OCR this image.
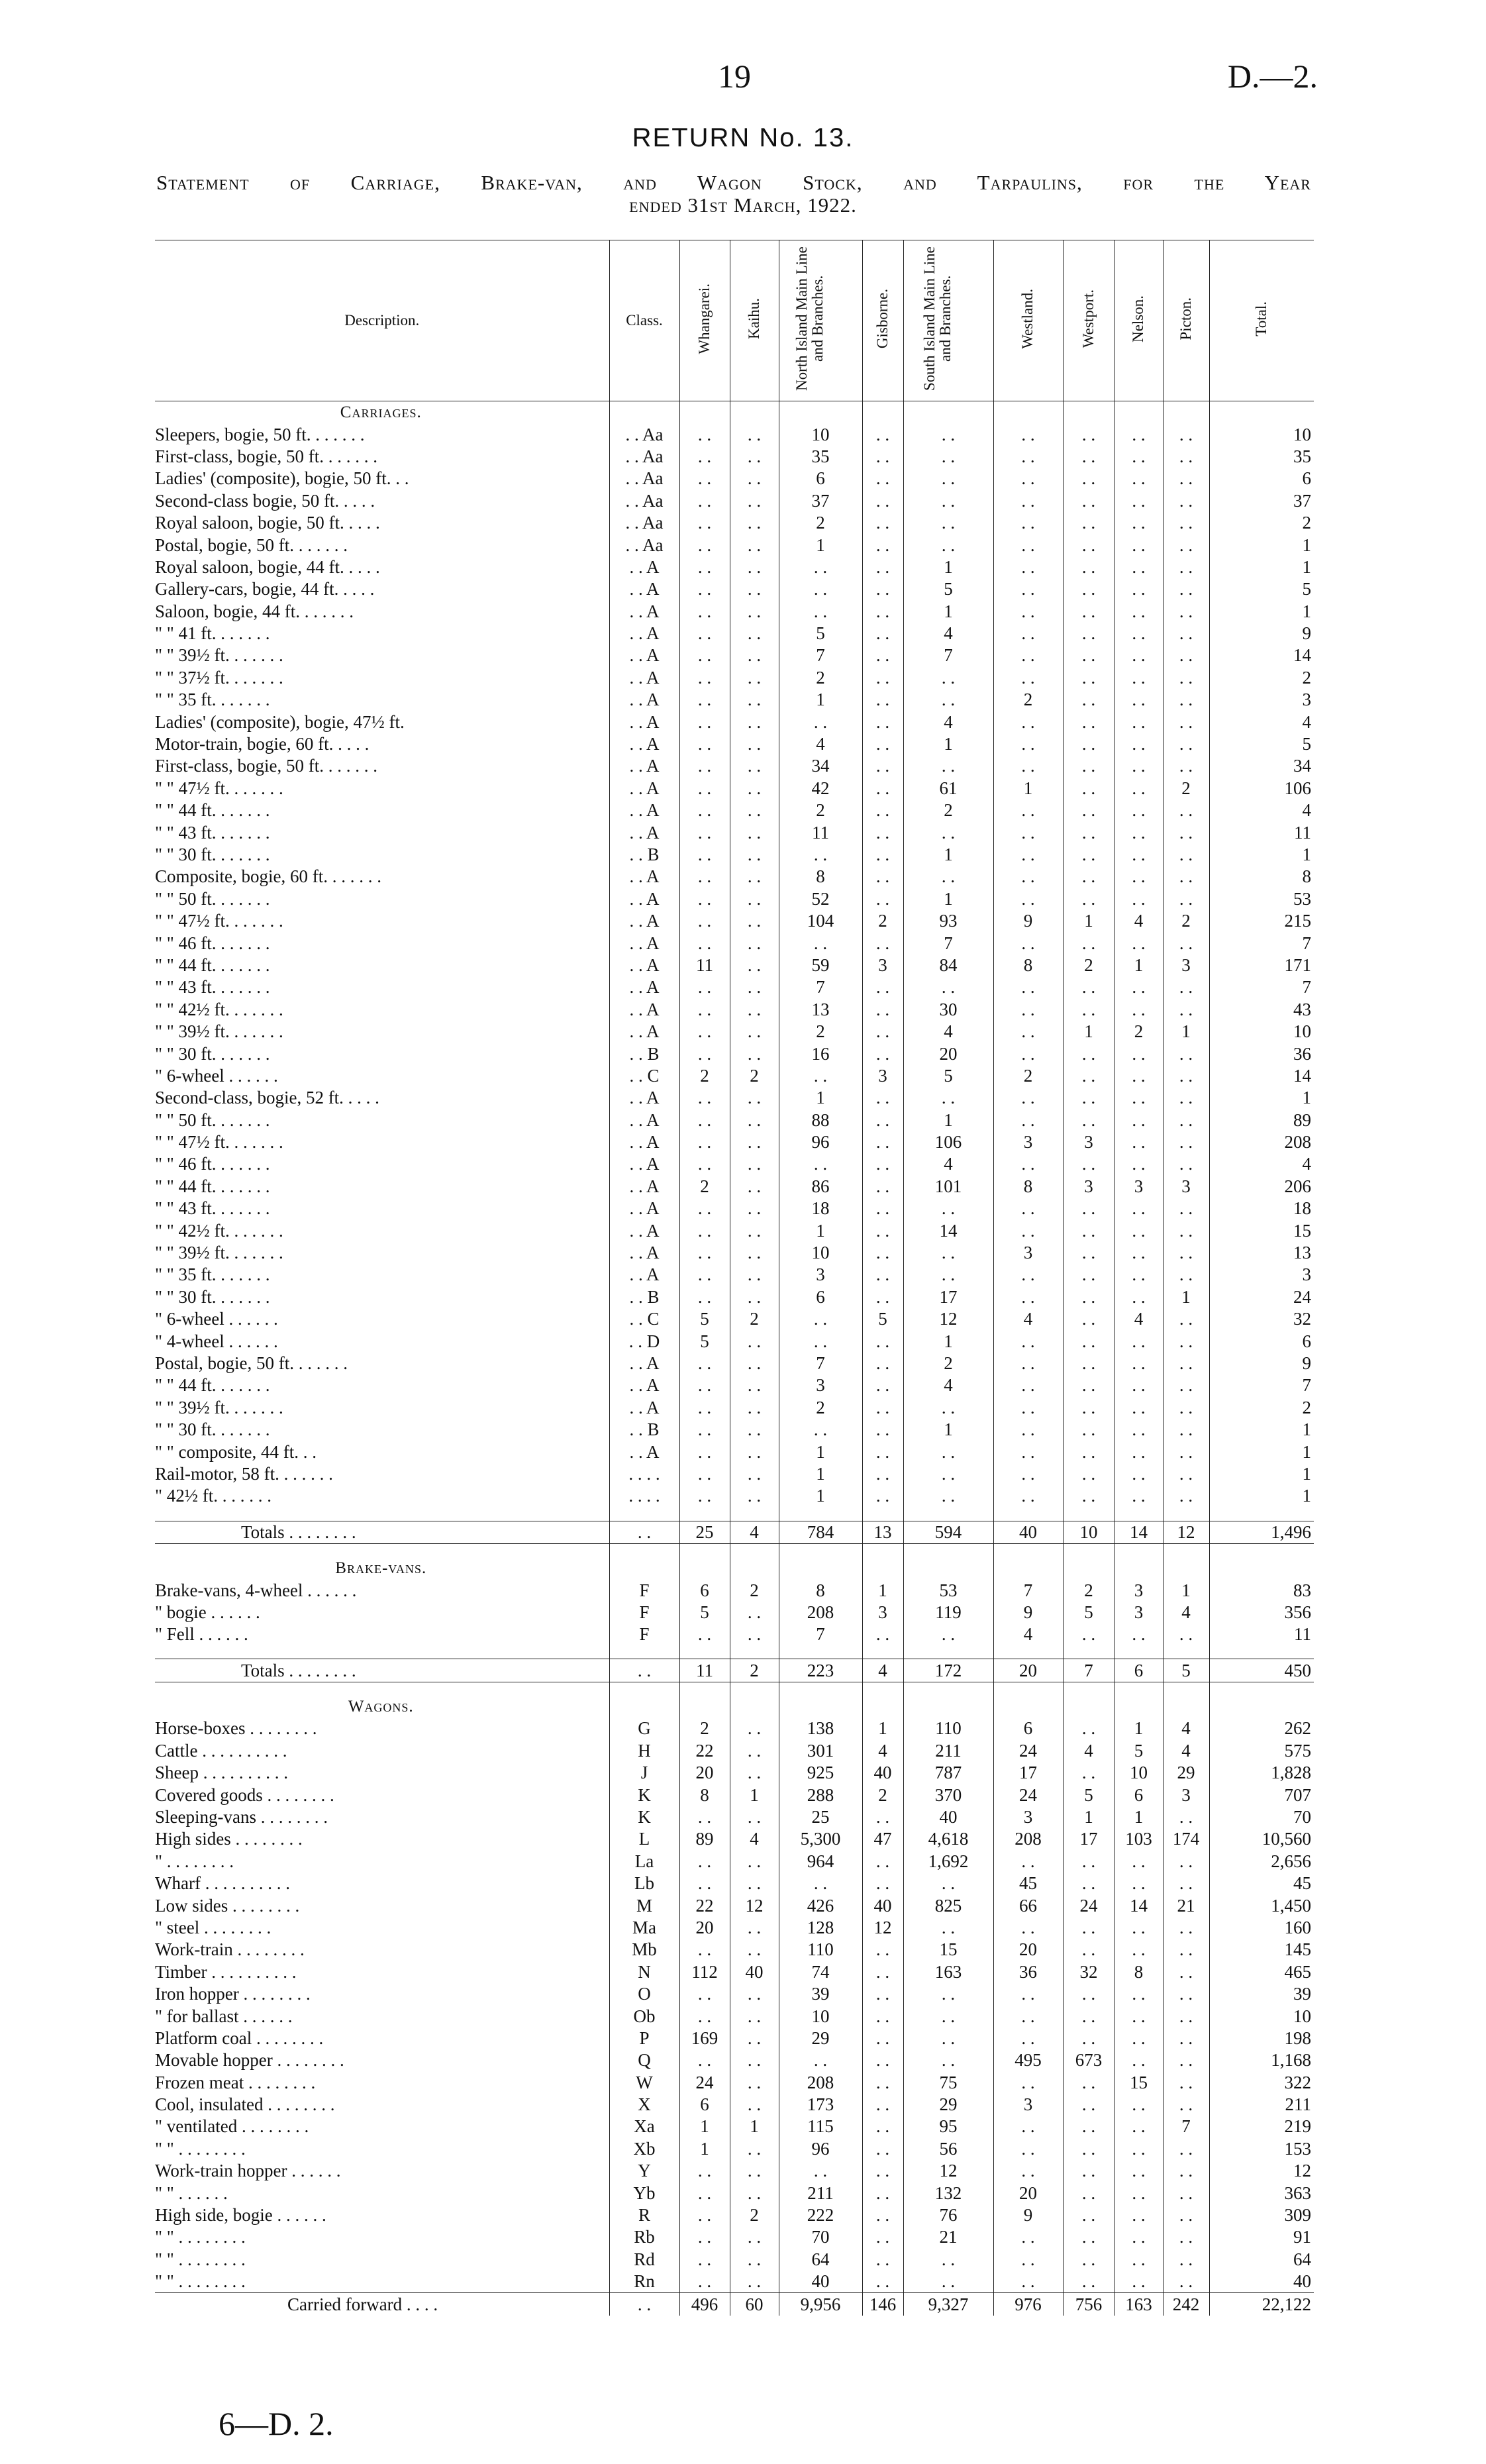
19	D.—2.
RETURN No. 13.
Statement of Carriage, Brake-van, and Wagon Stock, and Tarpaulins, for the Year
ended 31st March, 1922.
Description.	Class.	Whangarei.	Kaihu.	North Island Main Line and Branches.	Gisborne.	South Island Main Line and Branches.	Westland.	Westport.	Nelson.	Picton.	Total.
Carriages.											
Sleepers, bogie, 50 ft. . . . . . .	. . Aa	. .	. .	10	. .	. .	. .	. .	. .	. .	10
First-class, bogie, 50 ft. . . . . . .	. . Aa	. .	. .	35	. .	. .	. .	. .	. .	. .	35
Ladies' (composite), bogie, 50 ft. . .	. . Aa	. .	. .	6	. .	. .	. .	. .	. .	. .	6
Second-class bogie, 50 ft. . . . .	. . Aa	. .	. .	37	. .	. .	. .	. .	. .	. .	37
Royal saloon, bogie, 50 ft. . . . .	. . Aa	. .	. .	2	. .	. .	. .	. .	. .	. .	2
Postal, bogie, 50 ft. . . . . . .	. . Aa	. .	. .	1	. .	. .	. .	. .	. .	. .	1
Royal saloon, bogie, 44 ft. . . . .	. . A	. .	. .	. .	. .	1	. .	. .	. .	. .	1
Gallery-cars, bogie, 44 ft. . . . .	. . A	. .	. .	. .	. .	5	. .	. .	. .	. .	5
Saloon, bogie, 44 ft. . . . . . .	. . A	. .	. .	. .	. .	1	. .	. .	. .	. .	1
" " 41 ft. . . . . . .	. . A	. .	. .	5	. .	4	. .	. .	. .	. .	9
" " 39½ ft. . . . . . .	. . A	. .	. .	7	. .	7	. .	. .	. .	. .	14
" " 37½ ft. . . . . . .	. . A	. .	. .	2	. .	. .	. .	. .	. .	. .	2
" " 35 ft. . . . . . .	. . A	. .	. .	1	. .	. .	2	. .	. .	. .	3
Ladies' (composite), bogie, 47½ ft.	. . A	. .	. .	. .	. .	4	. .	. .	. .	. .	4
Motor-train, bogie, 60 ft. . . . .	. . A	. .	. .	4	. .	1	. .	. .	. .	. .	5
First-class, bogie, 50 ft. . . . . . .	. . A	. .	. .	34	. .	. .	. .	. .	. .	. .	34
" " 47½ ft. . . . . . .	. . A	. .	. .	42	. .	61	1	. .	. .	2	106
" " 44 ft. . . . . . .	. . A	. .	. .	2	. .	2	. .	. .	. .	. .	4
" " 43 ft. . . . . . .	. . A	. .	. .	11	. .	. .	. .	. .	. .	. .	11
" " 30 ft. . . . . . .	. . B	. .	. .	. .	. .	1	. .	. .	. .	. .	1
Composite, bogie, 60 ft. . . . . . .	. . A	. .	. .	8	. .	. .	. .	. .	. .	. .	8
" " 50 ft. . . . . . .	. . A	. .	. .	52	. .	1	. .	. .	. .	. .	53
" " 47½ ft. . . . . . .	. . A	. .	. .	104	2	93	9	1	4	2	215
" " 46 ft. . . . . . .	. . A	. .	. .	. .	. .	7	. .	. .	. .	. .	7
" " 44 ft. . . . . . .	. . A	11	. .	59	3	84	8	2	1	3	171
" " 43 ft. . . . . . .	. . A	. .	. .	7	. .	. .	. .	. .	. .	. .	7
" " 42½ ft. . . . . . .	. . A	. .	. .	13	. .	30	. .	. .	. .	. .	43
" " 39½ ft. . . . . . .	. . A	. .	. .	2	. .	4	. .	1	2	1	10
" " 30 ft. . . . . . .	. . B	. .	. .	16	. .	20	. .	. .	. .	. .	36
" 6-wheel . . . . . .	. . C	2	2	. .	3	5	2	. .	. .	. .	14
Second-class, bogie, 52 ft. . . . .	. . A	. .	. .	1	. .	. .	. .	. .	. .	. .	1
" " 50 ft. . . . . . .	. . A	. .	. .	88	. .	1	. .	. .	. .	. .	89
" " 47½ ft. . . . . . .	. . A	. .	. .	96	. .	106	3	3	. .	. .	208
" " 46 ft. . . . . . .	. . A	. .	. .	. .	. .	4	. .	. .	. .	. .	4
" " 44 ft. . . . . . .	. . A	2	. .	86	. .	101	8	3	3	3	206
" " 43 ft. . . . . . .	. . A	. .	. .	18	. .	. .	. .	. .	. .	. .	18
" " 42½ ft. . . . . . .	. . A	. .	. .	1	. .	14	. .	. .	. .	. .	15
" " 39½ ft. . . . . . .	. . A	. .	. .	10	. .	. .	3	. .	. .	. .	13
" " 35 ft. . . . . . .	. . A	. .	. .	3	. .	. .	. .	. .	. .	. .	3
" " 30 ft. . . . . . .	. . B	. .	. .	6	. .	17	. .	. .	. .	1	24
" 6-wheel . . . . . .	. . C	5	2	. .	5	12	4	. .	4	. .	32
" 4-wheel . . . . . .	. . D	5	. .	. .	. .	1	. .	. .	. .	. .	6
Postal, bogie, 50 ft. . . . . . .	. . A	. .	. .	7	. .	2	. .	. .	. .	. .	9
" " 44 ft. . . . . . .	. . A	. .	. .	3	. .	4	. .	. .	. .	. .	7
" " 39½ ft. . . . . . .	. . A	. .	. .	2	. .	. .	. .	. .	. .	. .	2
" " 30 ft. . . . . . .	. . B	. .	. .	. .	. .	1	. .	. .	. .	. .	1
" " composite, 44 ft. . .	. . A	. .	. .	1	. .	. .	. .	. .	. .	. .	1
Rail-motor, 58 ft. . . . . . .	. . . .	. .	. .	1	. .	. .	. .	. .	. .	. .	1
" 42½ ft. . . . . . .	. . . .	. .	. .	1	. .	. .	. .	. .	. .	. .	1

Totals . . . . . . . .	. .	25	4	784	13	594	40	10	14	12	1,496

Brake-vans.											
Brake-vans, 4-wheel . . . . . .	F	6	2	8	1	53	7	2	3	1	83
" bogie . . . . . .	F	5	. .	208	3	119	9	5	3	4	356
" Fell . . . . . .	F	. .	. .	7	. .	. .	4	. .	. .	. .	11

Totals . . . . . . . .	. .	11	2	223	4	172	20	7	6	5	450

Wagons.											
Horse-boxes . . . . . . . .	G	2	. .	138	1	110	6	. .	1	4	262
Cattle . . . . . . . . . .	H	22	. .	301	4	211	24	4	5	4	575
Sheep . . . . . . . . . .	J	20	. .	925	40	787	17	. .	10	29	1,828
Covered goods . . . . . . . .	K	8	1	288	2	370	24	5	6	3	707
Sleeping-vans . . . . . . . .	K	. .	. .	25	. .	40	3	1	1	. .	70
High sides . . . . . . . .	L	89	4	5,300	47	4,618	208	17	103	174	10,560
" . . . . . . . .	La	. .	. .	964	. .	1,692	. .	. .	. .	. .	2,656
Wharf . . . . . . . . . .	Lb	. .	. .	. .	. .	. .	45	. .	. .	. .	45
Low sides . . . . . . . .	M	22	12	426	40	825	66	24	14	21	1,450
" steel . . . . . . . .	Ma	20	. .	128	12	. .	. .	. .	. .	. .	160
Work-train . . . . . . . .	Mb	. .	. .	110	. .	15	20	. .	. .	. .	145
Timber . . . . . . . . . .	N	112	40	74	. .	163	36	32	8	. .	465
Iron hopper . . . . . . . .	O	. .	. .	39	. .	. .	. .	. .	. .	. .	39
" for ballast . . . . . .	Ob	. .	. .	10	. .	. .	. .	. .	. .	. .	10
Platform coal . . . . . . . .	P	169	. .	29	. .	. .	. .	. .	. .	. .	198
Movable hopper . . . . . . . .	Q	. .	. .	. .	. .	. .	495	673	. .	. .	1,168
Frozen meat . . . . . . . .	W	24	. .	208	. .	75	. .	. .	15	. .	322
Cool, insulated . . . . . . . .	X	6	. .	173	. .	29	3	. .	. .	. .	211
" ventilated . . . . . . . .	Xa	1	1	115	. .	95	. .	. .	. .	7	219
" " . . . . . . . .	Xb	1	. .	96	. .	56	. .	. .	. .	. .	153
Work-train hopper . . . . . .	Y	. .	. .	. .	. .	12	. .	. .	. .	. .	12
" " . . . . . .	Yb	. .	. .	211	. .	132	20	. .	. .	. .	363
High side, bogie . . . . . .	R	. .	2	222	. .	76	9	. .	. .	. .	309
" " . . . . . . . .	Rb	. .	. .	70	. .	21	. .	. .	. .	. .	91
" " . . . . . . . .	Rd	. .	. .	64	. .	. .	. .	. .	. .	. .	64
" " . . . . . . . .	Rn	. .	. .	40	. .	. .	. .	. .	. .	. .	40
Carried forward . . . .	. .	496	60	9,956	146	9,327	976	756	163	242	22,122
6—D. 2.
